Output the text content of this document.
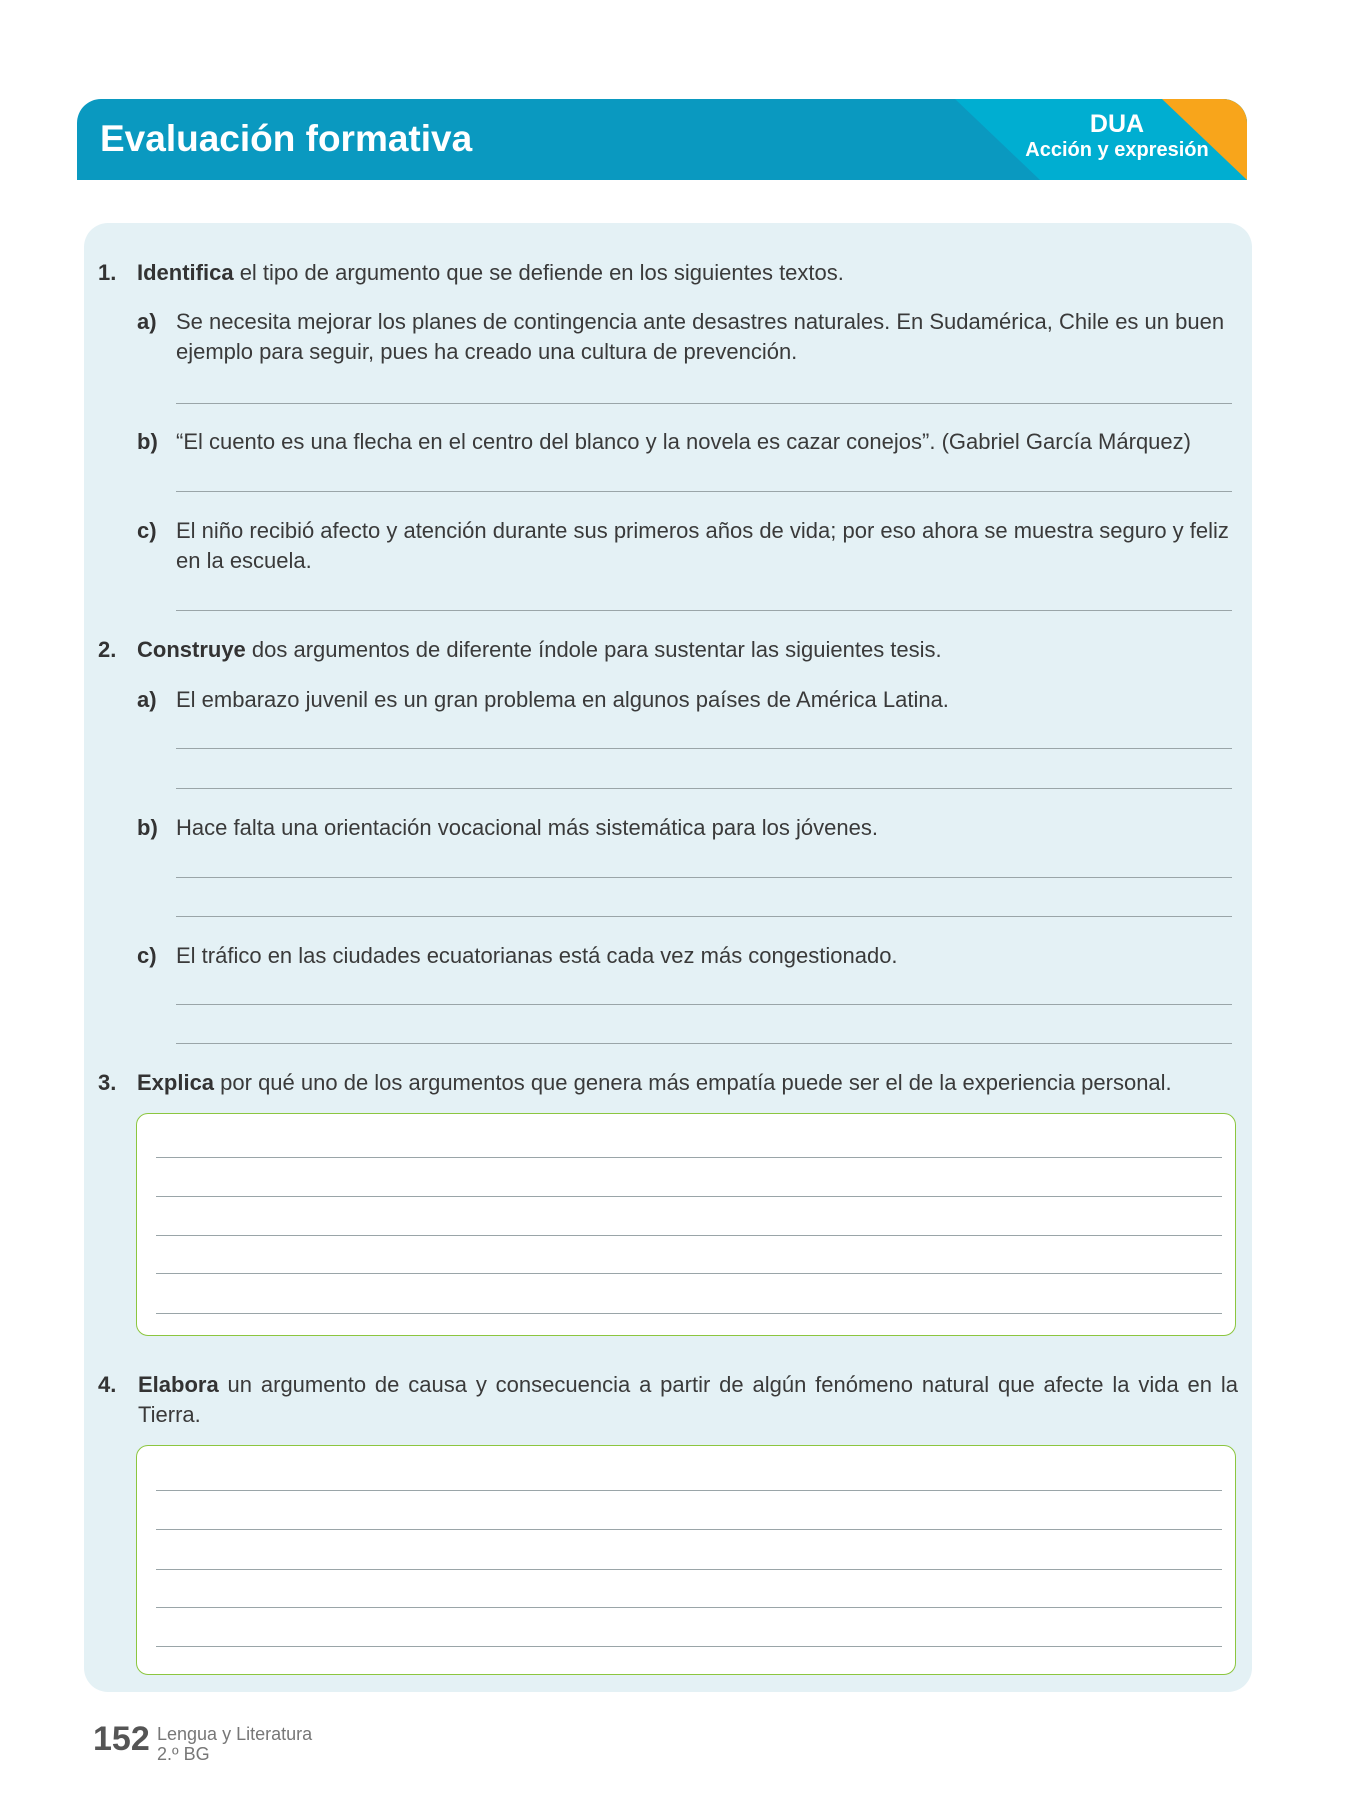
Evaluación formativa	DUA
Acción y expresión
1. Identifica el tipo de argumento que se defiende en los siguientes textos.
a) Se necesita mejorar los planes de contingencia ante desastres naturales. En Sudamérica, Chile es un buen ejemplo para seguir, pues ha creado una cultura de prevención.
b) “El cuento es una flecha en el centro del blanco y la novela es cazar conejos”. (Gabriel García Márquez)
c) El niño recibió afecto y atención durante sus primeros años de vida; por eso ahora se muestra seguro y feliz en la escuela.
2. Construye dos argumentos de diferente índole para sustentar las siguientes tesis.
a) El embarazo juvenil es un gran problema en algunos países de América Latina.
b) Hace falta una orientación vocacional más sistemática para los jóvenes.
c) El tráfico en las ciudades ecuatorianas está cada vez más congestionado.
3. Explica por qué uno de los argumentos que genera más empatía puede ser el de la experiencia personal.
4. Elabora un argumento de causa y consecuencia a partir de algún fenómeno natural que afecte la vida en la Tierra.
152 Lengua y Literatura
2.º BG
